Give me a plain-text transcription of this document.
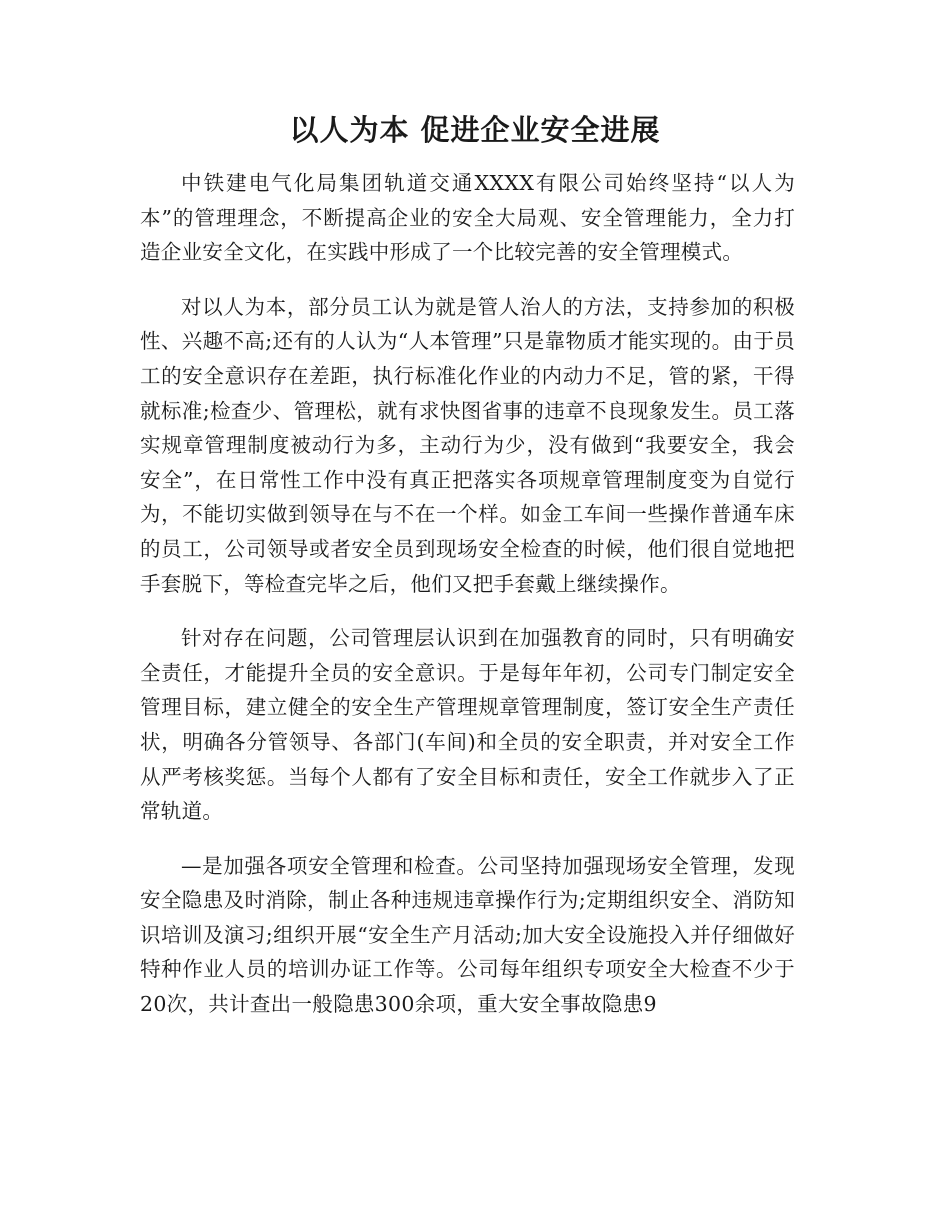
以人为本 促进企业安全进展

中铁建电气化局集团轨道交通XXXX有限公司始终坚持“以人为本”的管理理念，不断提高企业的安全大局观、安全管理能力，全力打造企业安全文化，在实践中形成了一个比较完善的安全管理模式。

对以人为本，部分员工认为就是管人治人的方法，支持参加的积极性、兴趣不高;还有的人认为“人本管理”只是靠物质才能实现的。由于员工的安全意识存在差距，执行标准化作业的内动力不足，管的紧，干得就标准;检查少、管理松，就有求快图省事的违章不良现象发生。员工落实规章管理制度被动行为多，主动行为少，没有做到“我要安全，我会安全”，在日常性工作中没有真正把落实各项规章管理制度变为自觉行为，不能切实做到领导在与不在一个样。如金工车间一些操作普通车床的员工，公司领导或者安全员到现场安全检查的时候，他们很自觉地把手套脱下，等检查完毕之后，他们又把手套戴上继续操作。

针对存在问题，公司管理层认识到在加强教育的同时，只有明确安全责任，才能提升全员的安全意识。于是每年年初，公司专门制定安全管理目标，建立健全的安全生产管理规章管理制度，签订安全生产责任状，明确各分管领导、各部门(车间)和全员的安全职责，并对安全工作从严考核奖惩。当每个人都有了安全目标和责任，安全工作就步入了正常轨道。

—是加强各项安全管理和检查。公司坚持加强现场安全管理，发现安全隐患及时消除，制止各种违规违章操作行为;定期组织安全、消防知识培训及演习;组织开展“安全生产月活动;加大安全设施投入并仔细做好特种作业人员的培训办证工作等。公司每年组织专项安全大检查不少于20次，共计查出一般隐患300余项，重大安全事故隐患9
